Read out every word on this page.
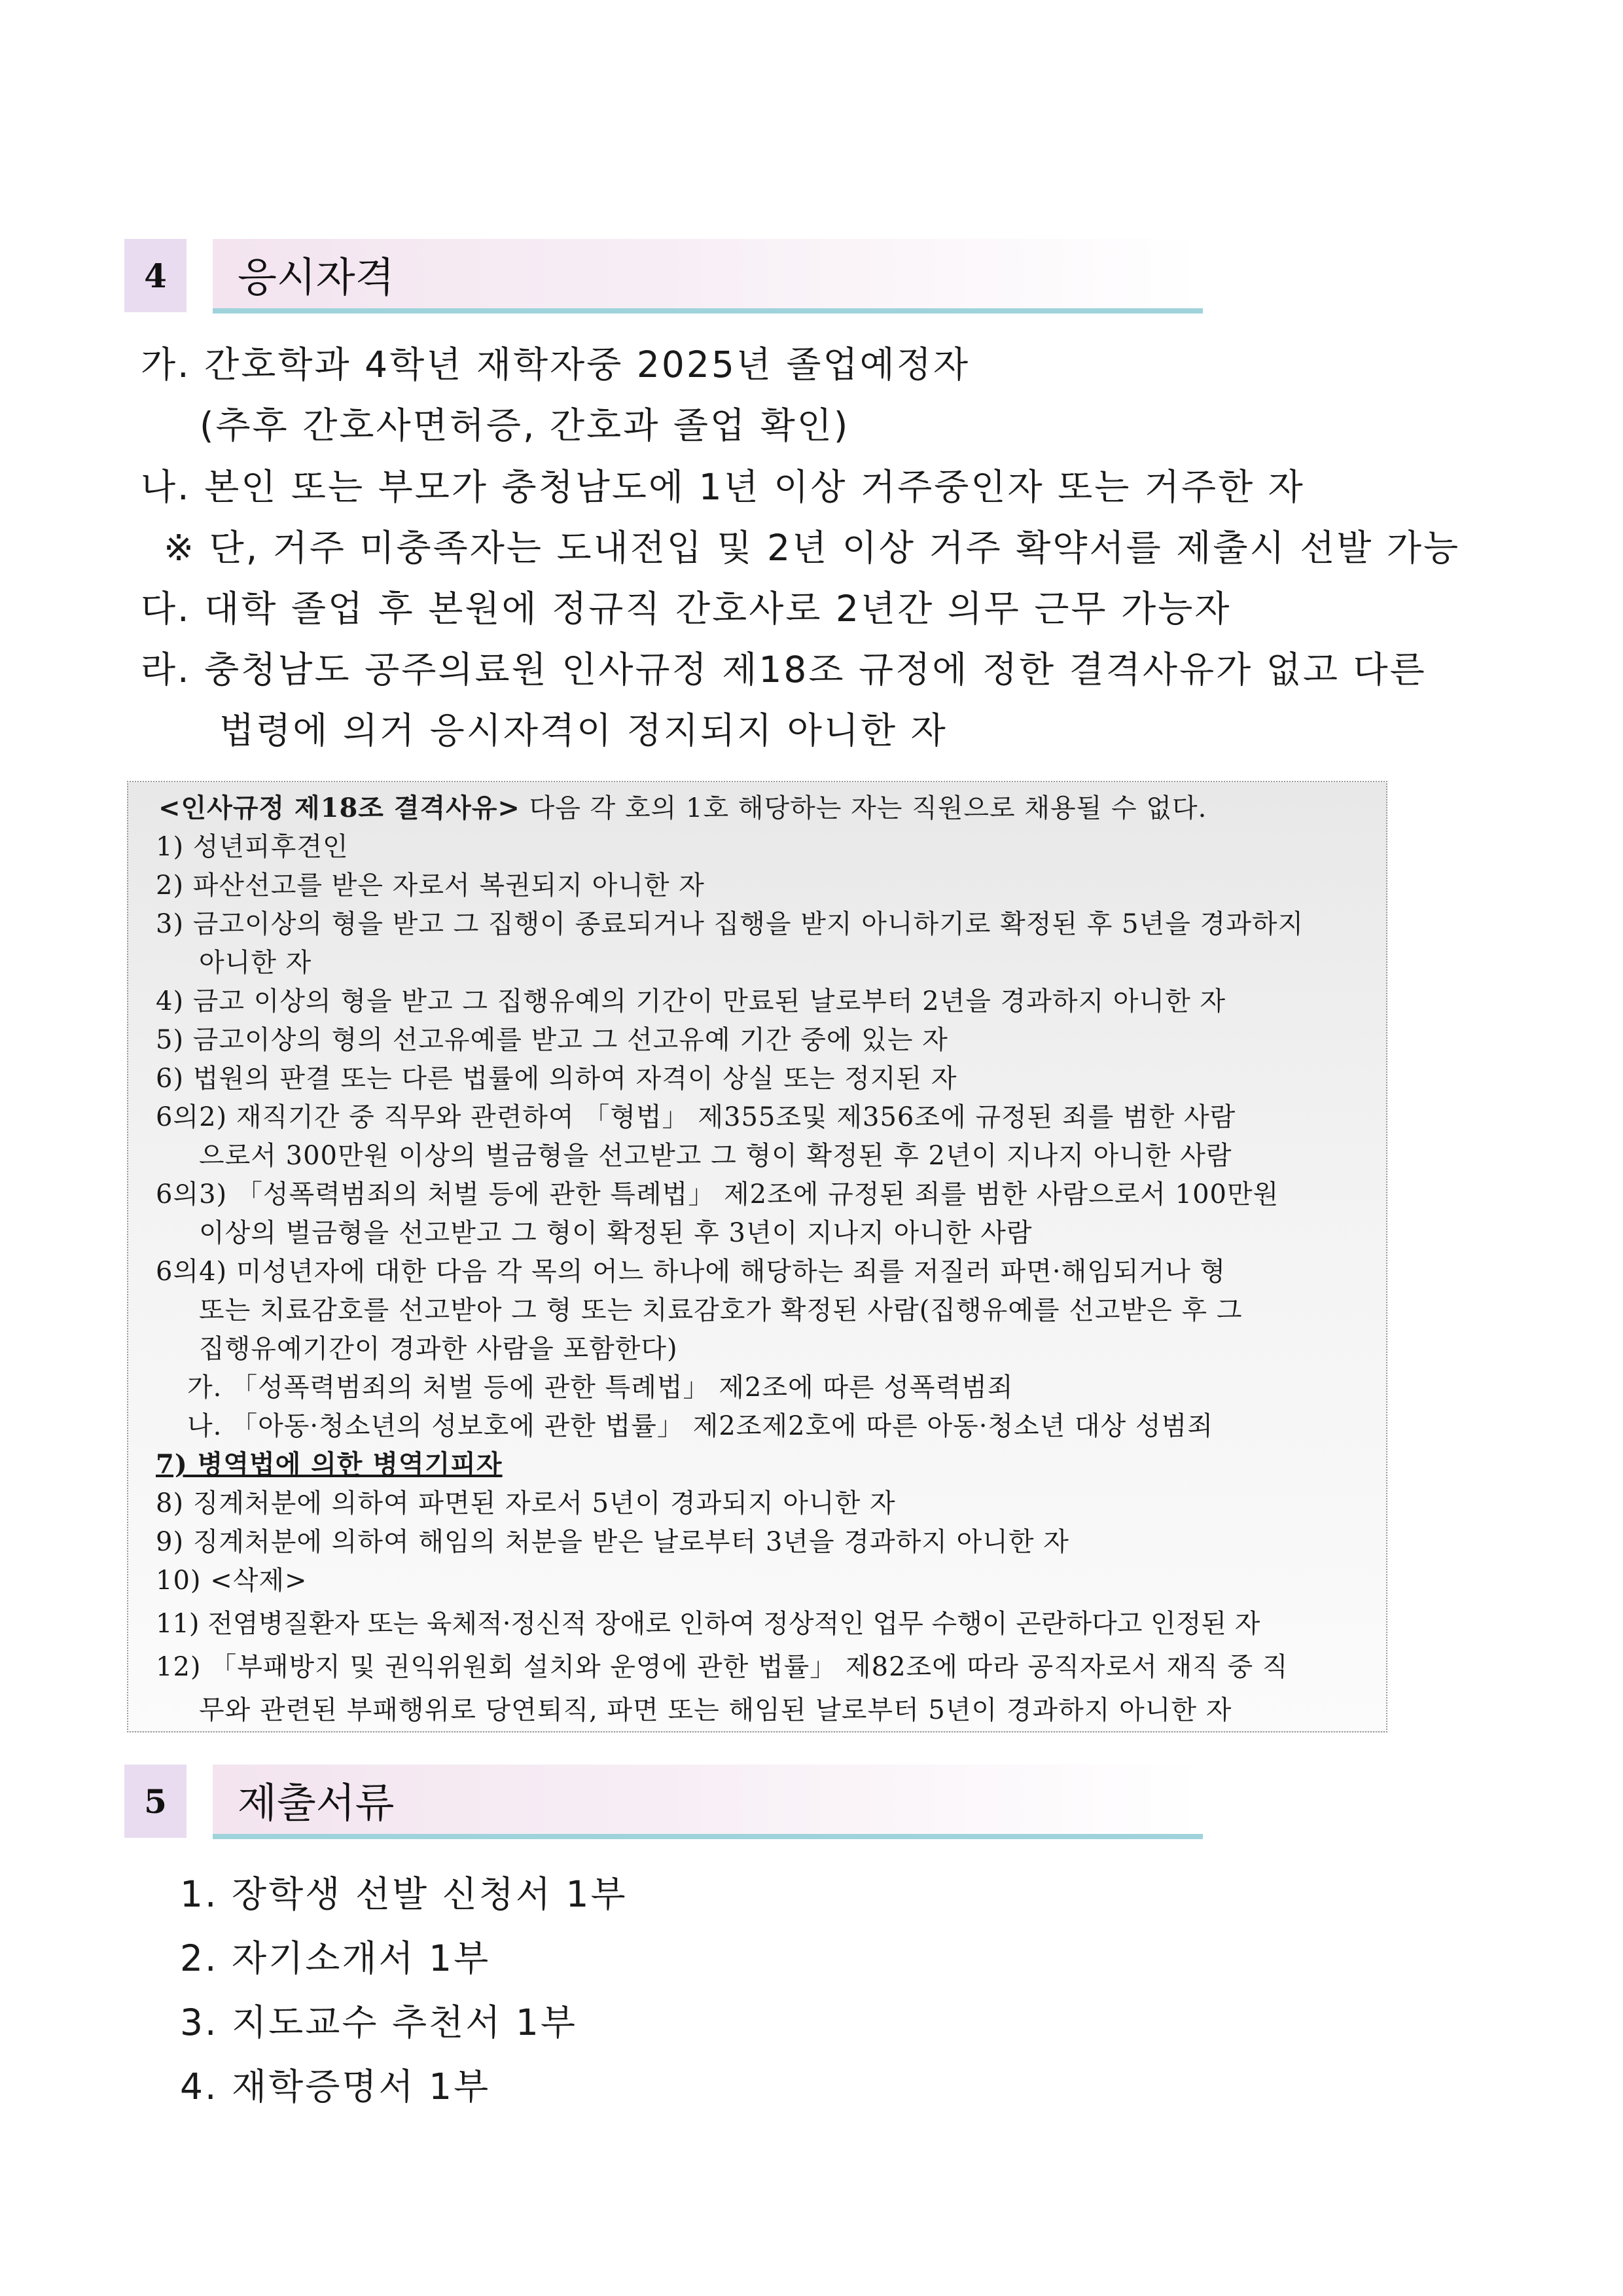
4	응시자격
가. 간호학과 4학년 재학자중 2025년 졸업예정자
(추후 간호사면허증, 간호과 졸업 확인)
나. 본인 또는 부모가 충청남도에 1년 이상 거주중인자 또는 거주한 자
※ 단, 거주 미충족자는 도내전입 및 2년 이상 거주 확약서를 제출시 선발 가능
다. 대학 졸업 후 본원에 정규직 간호사로 2년간 의무 근무 가능자
라. 충청남도 공주의료원 인사규정 제18조 규정에 정한 결격사유가 없고 다른
법령에 의거 응시자격이 정지되지 아니한 자
<인사규정 제18조 결격사유> 다음 각 호의 1호 해당하는 자는 직원으로 채용될 수 없다.
1) 성년피후견인
2) 파산선고를 받은 자로서 복권되지 아니한 자
3) 금고이상의 형을 받고 그 집행이 종료되거나 집행을 받지 아니하기로 확정된 후 5년을 경과하지
아니한 자
4) 금고 이상의 형을 받고 그 집행유예의 기간이 만료된 날로부터 2년을 경과하지 아니한 자
5) 금고이상의 형의 선고유예를 받고 그 선고유예 기간 중에 있는 자
6) 법원의 판결 또는 다른 법률에 의하여 자격이 상실 또는 정지된 자
6의2) 재직기간 중 직무와 관련하여 「형법」 제355조및 제356조에 규정된 죄를 범한 사람
으로서 300만원 이상의 벌금형을 선고받고 그 형이 확정된 후 2년이 지나지 아니한 사람
6의3) 「성폭력범죄의 처벌 등에 관한 특례법」 제2조에 규정된 죄를 범한 사람으로서 100만원
이상의 벌금형을 선고받고 그 형이 확정된 후 3년이 지나지 아니한 사람
6의4) 미성년자에 대한 다음 각 목의 어느 하나에 해당하는 죄를 저질러 파면·해임되거나 형
또는 치료감호를 선고받아 그 형 또는 치료감호가 확정된 사람(집행유예를 선고받은 후 그
집행유예기간이 경과한 사람을 포함한다)
가. 「성폭력범죄의 처벌 등에 관한 특례법」 제2조에 따른 성폭력범죄
나. 「아동·청소년의 성보호에 관한 법률」 제2조제2호에 따른 아동·청소년 대상 성범죄
7) 병역법에 의한 병역기피자
8) 징계처분에 의하여 파면된 자로서 5년이 경과되지 아니한 자
9) 징계처분에 의하여 해임의 처분을 받은 날로부터 3년을 경과하지 아니한 자
10) <삭제>
11) 전염병질환자 또는 육체적·정신적 장애로 인하여 정상적인 업무 수행이 곤란하다고 인정된 자
12) 「부패방지 및 권익위원회 설치와 운영에 관한 법률」 제82조에 따라 공직자로서 재직 중 직
무와 관련된 부패행위로 당연퇴직, 파면 또는 해임된 날로부터 5년이 경과하지 아니한 자
5	제출서류
1. 장학생 선발 신청서 1부
2. 자기소개서 1부
3. 지도교수 추천서 1부
4. 재학증명서 1부
